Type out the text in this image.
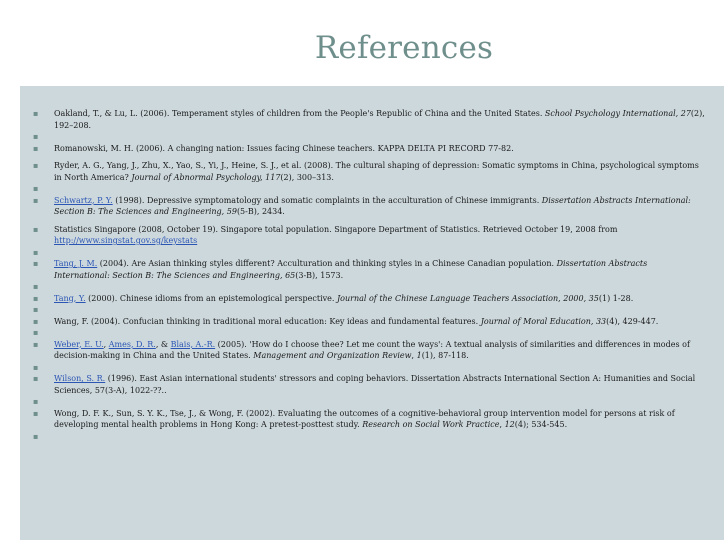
References
▪ Oakland, T., & Lu, L. (2006). Temperament styles of children from the People's Republic of China and the United States. School Psychology International, 27(2), 192–208.
▪
▪ Romanowski, M. H. (2006). A changing nation: Issues facing Chinese teachers. KAPPA DELTA PI RECORD 77-82.
▪ Ryder, A. G., Yang, J., Zhu, X., Yao, S., Yi, J., Heine, S. J., et al. (2008). The cultural shaping of depression: Somatic symptoms in China, psychological symptoms in North America? Journal of Abnormal Psychology, 117(2), 300–313.
▪
▪ Schwartz, P. Y. (1998). Depressive symptomatology and somatic complaints in the acculturation of Chinese immigrants. Dissertation Abstracts International: Section B: The Sciences and Engineering, 59(5-B), 2434.
▪ Statistics Singapore (2008, October 19). Singapore total population. Singapore Department of Statistics. Retrieved October 19, 2008 from http://www.singstat.gov.sg/keystats
▪
▪ Tang, J. M. (2004). Are Asian thinking styles different? Acculturation and thinking styles in a Chinese Canadian population. Dissertation Abstracts International: Section B: The Sciences and Engineering, 65(3-B), 1573.
▪
▪ Tang, Y. (2000). Chinese idioms from an epistemological perspective. Journal of the Chinese Language Teachers Association, 2000, 35(1) 1-28.
▪
▪ Wang, F. (2004). Confucian thinking in traditional moral education: Key ideas and fundamental features. Journal of Moral Education, 33(4), 429-447.
▪
▪ Weber, E. U., Ames, D. R., & Blais, A.-R. (2005). 'How do I choose thee? Let me count the ways': A textual analysis of similarities and differences in modes of decision-making in China and the United States. Management and Organization Review, 1(1), 87-118.
▪
▪ Wilson, S. R. (1996). East Asian international students' stressors and coping behaviors. Dissertation Abstracts International Section A: Humanities and Social Sciences, 57(3-A), 1022-??..
▪
▪ Wong, D. F. K., Sun, S. Y. K., Tse, J., & Wong, F. (2002). Evaluating the outcomes of a cognitive-behavioral group intervention model for persons at risk of developing mental health problems in Hong Kong: A pretest-posttest study. Research on Social Work Practice, 12(4); 534-545.
▪
